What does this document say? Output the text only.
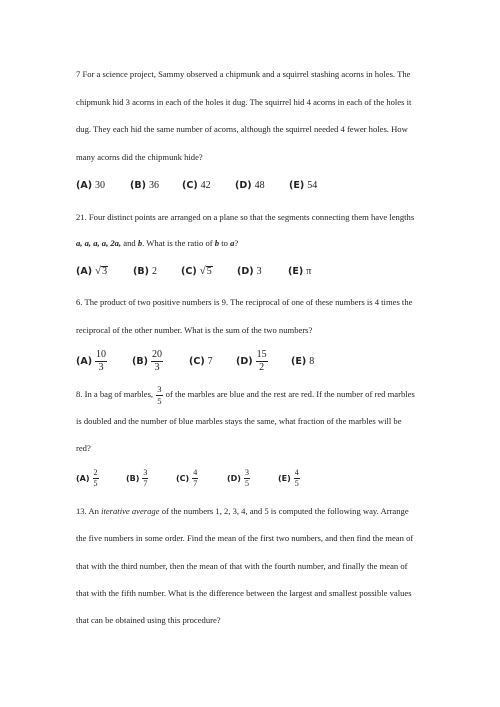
7 For a science project, Sammy observed a chipmunk and a squirrel stashing acorns in holes. The
chipmunk hid 3 acorns in each of the holes it dug. The squirrel hid 4 acorns in each of the holes it
dug. They each hid the same number of acorns, although the squirrel needed 4 fewer holes. How
many acorns did the chipmunk hide?
(A) 30	(B) 36 (C) 42	(D) 48	(E) 54
21. Four distinct points are arranged on a plane so that the segments connecting them have lengths
a, a, a, a, 2a, and b. What is the ratio of b to a?
(A) √ 3	(B) 2	(C) √ 5	(D) 3	(E) π
6. The product of two positive numbers is 9. The reciprocal of one of these numbers is 4 times the
reciprocal of the other number. What is the sum of the two numbers?
$(A) \frac{10}{3}$	$(B) \frac{20}{3}$	(C) 7 $(D) \frac{15}{2} (E)$ 8
8. In a bag of marbles, $\frac{3}{5}$ of the marbles are blue and the rest are red. If the number of red marbles
is doubled and the number of blue marbles stays the same, what fraction of the marbles will be
red?
$(A) \frac{2}{5}$	$(B) \frac{3}{7}$	$(C) \frac{4}{7}$	$(D) \frac{3}{5}$	$(E) \frac{4}{5}$
13. An iterative average of the numbers 1, 2, 3, 4, and 5 is computed the following way. Arrange
the five numbers in some order. Find the mean of the first two numbers, and then find the mean of
that with the third number, then the mean of that with the fourth number, and finally the mean of
that with the fifth number. What is the difference between the largest and smallest possible values
that can be obtained using this procedure?
